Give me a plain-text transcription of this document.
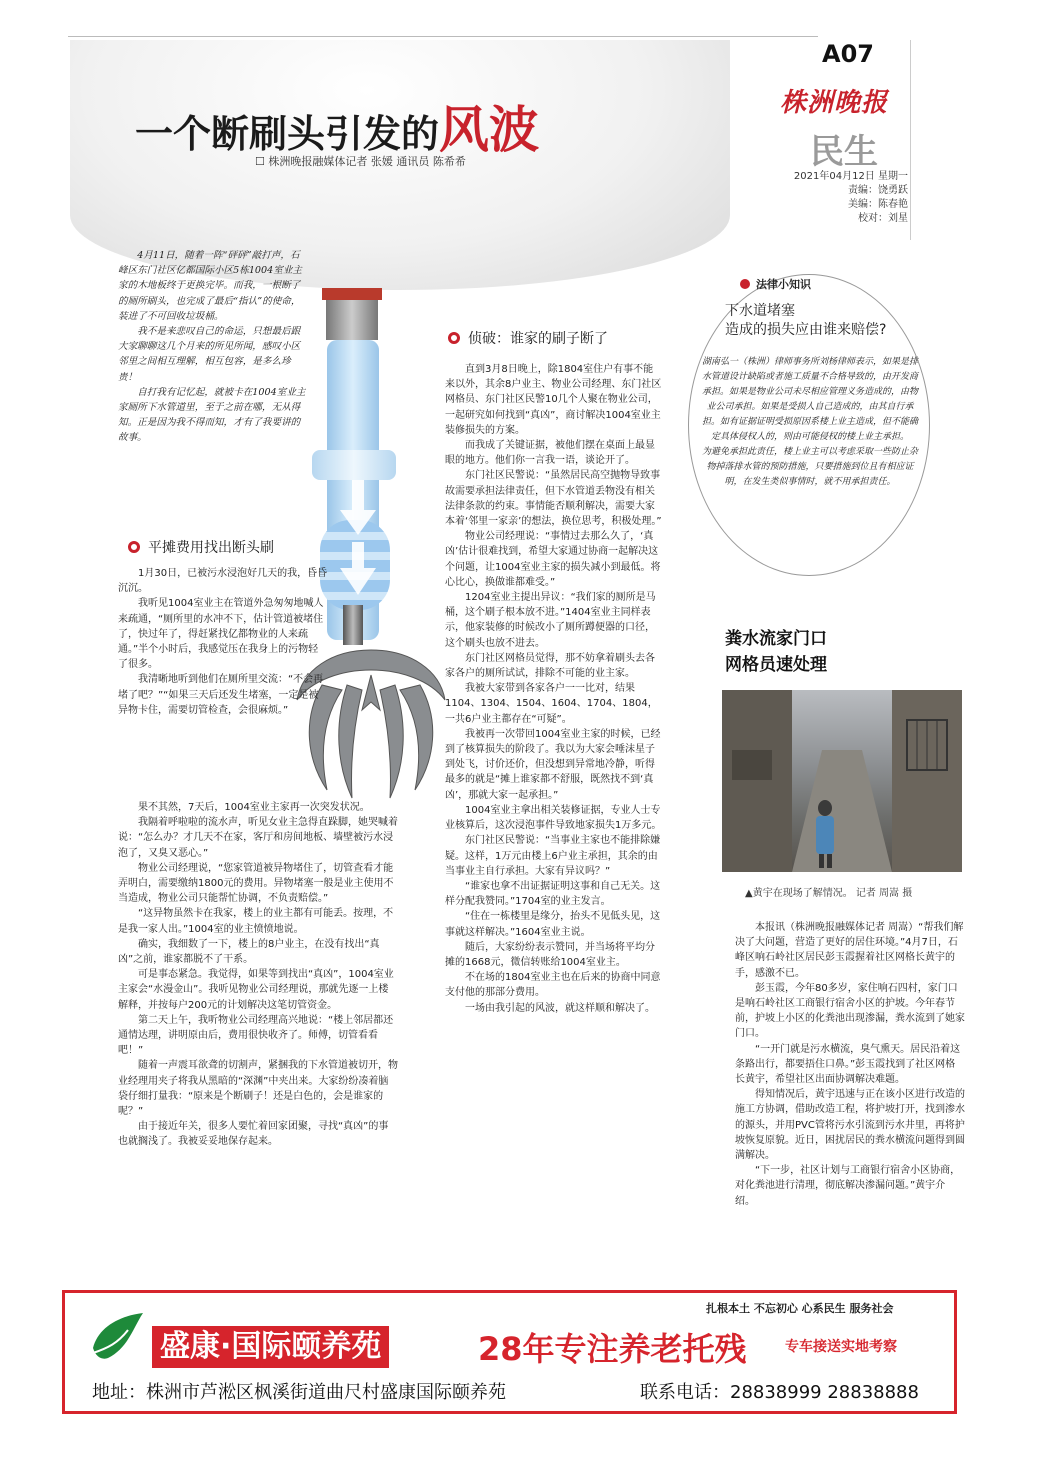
A07
株洲晚报
民生
2021年04月12日 星期一
责编：饶勇跃
美编：陈春艳
校对：刘星
一个断刷头引发的风波
☐ 株洲晚报融媒体记者 张媛 通讯员 陈希希

4月11日，随着一阵“砰砰”敲打声，石峰区东门社区亿都国际小区5栋1004室业主家的木地板终于更换完毕。而我，一根断了的厕所刷头，也完成了最后“指认”的使命，装进了不可回收垃圾桶。

我不是来悲叹自己的命运，只想最后跟大家聊聊这几个月来的所见所闻，感叹小区邻里之间相互理解，相互包容，是多么珍贵！

自打我有记忆起，就被卡在1004室业主家厕所下水管道里，至于之前在哪，无从得知。正是因为我不得而知，才有了我要讲的故事。

平摊费用找出断头刷

1月30日，已被污水浸泡好几天的我，昏昏沉沉。

我听见1004室业主在管道外急匆匆地喊人来疏通，“厕所里的水冲不下，估计管道被堵住了，快过年了，得赶紧找亿都物业的人来疏通。”半个小时后，我感觉压在我身上的污物轻了很多。

我清晰地听到他们在厕所里交流：“不会再堵了吧？”“如果三天后还发生堵塞，一定是被异物卡住，需要切管检查，会很麻烦。”

果不其然，7天后，1004室业主家再一次突发状况。

我隔着呼啦啦的流水声，听见女业主急得直跺脚，她哭喊着说：“怎么办？才几天不在家，客厅和房间地板、墙壁被污水浸泡了，又臭又恶心。”

物业公司经理说，“您家管道被异物堵住了，切管查看才能弄明白，需要缴纳1800元的费用。异物堵塞一般是业主使用不当造成，物业公司只能帮忙协调，不负责赔偿。”

“这异物虽然卡在我家，楼上的业主都有可能丢。按理，不是我一家人出。”1004室的业主愤愤地说。

确实，我细数了一下，楼上的8户业主，在没有找出“真凶”之前，谁家都脱不了干系。

可是事态紧急。我觉得，如果等到找出“真凶”，1004室业主家会“水漫金山”。我听见物业公司经理说，那就先逐一上楼解释，并按每户200元的计划解决这笔切管资金。

第二天上午，我听物业公司经理高兴地说：“楼上邻居都还通情达理，讲明原由后，费用很快收齐了。师傅，切管看看吧！”

随着一声震耳欲聋的切割声，紧捆我的下水管道被切开，物业经理用夹子将我从黑暗的“深渊”中夹出来。大家纷纷凑着脑袋仔细打量我：“原来是个断刷子！还是白色的，会是谁家的呢？”

由于接近年关，很多人要忙着回家团聚，寻找“真凶”的事也就搁浅了。我被妥妥地保存起来。

侦破：谁家的刷子断了

直到3月8日晚上，除1804室住户有事不能来以外，其余8户业主、物业公司经理、东门社区网格员、东门社区民警10几个人聚在物业公司，一起研究如何找到“真凶”，商讨解决1004室业主装修损失的方案。

而我成了关键证据，被他们摆在桌面上最显眼的地方。他们你一言我一语，谈论开了。

东门社区民警说：“虽然居民高空抛物导致事故需要承担法律责任，但下水管道丢物没有相关法律条款的约束。事情能否顺利解决，需要大家本着‘邻里一家亲’的想法，换位思考，积极处理。”

物业公司经理说：“事情过去那么久了，‘真凶’估计很难找到，希望大家通过协商一起解决这个问题，让1004室业主家的损失减小到最低。将心比心，换做谁都难受。”

1204室业主提出异议：“我们家的厕所是马桶，这个刷子根本放不进。”1404室业主同样表示，他家装修的时候改小了厕所蹲便器的口径，这个刷头也放不进去。

东门社区网格员觉得，那不妨拿着刷头去各家各户的厕所试试，排除不可能的业主家。

我被大家带到各家各户一一比对，结果1104、1304、1504、1604、1704、1804，一共6户业主都存在“可疑”。

我被再一次带回1004室业主家的时候，已经到了核算损失的阶段了。我以为大家会唾沫星子到处飞，讨价还价，但没想到异常地冷静，听得最多的就是“摊上谁家都不舒服，既然找不到‘真凶’，那就大家一起承担。”

1004室业主拿出相关装修证据，专业人士专业核算后，这次浸泡事件导致地家损失1万多元。

东门社区民警说：“当事业主家也不能排除嫌疑。这样，1万元由楼上6户业主承担，其余的由当事业主自行承担。大家有异议吗？”

“谁家也拿不出证据证明这事和自己无关。这样分配我赞同。”1704室的业主发言。

“住在一栋楼里是缘分，抬头不见低头见，这事就这样解决。”1604室业主说。

随后，大家纷纷表示赞同，并当场将平均分摊的1668元，微信转账给1004室业主。

不在场的1804室业主也在后来的协商中同意支付他的那部分费用。

一场由我引起的风波，就这样顺和解决了。

法律小知识
下水道堵塞
造成的损失应由谁来赔偿?

湖南弘一（株洲）律师事务所刘杨律师表示，如果是排水管道设计缺陷或者施工质量不合格导致的，由开发商承担。如果是物业公司未尽相应管理义务造成的，由物业公司承担。如果是受损人自己造成的，由其自行承担。如有证据证明受损原因系楼上业主造成，但不能确定具体侵权人的，则由可能侵权的楼上业主承担。

为避免承担此责任，楼上业主可以考虑采取一些防止杂物掉落排水管的预防措施，只要措施到位且有相应证明，在发生类似事情时，就不用承担责任。

粪水流家门口
网格员速处理
▲黄宇在现场了解情况。 记者 周嵩 摄

本报讯（株洲晚报融媒体记者 周嵩）“帮我们解决了大问题，营造了更好的居住环境。”4月7日，石峰区响石岭社区居民彭玉霞握着社区网格长黄宇的手，感激不已。

彭玉霞，今年80多岁，家住响石四村，家门口是响石岭社区工商银行宿舍小区的护坡。今年春节前，护坡上小区的化粪池出现渗漏，粪水流到了她家门口。

“一开门就是污水横流，臭气熏天。居民沿着这条路出行，都要捂住口鼻。”彭玉霞找到了社区网格长黄宇，希望社区出面协调解决难题。

得知情况后，黄宇迅速与正在该小区进行改造的施工方协调，借助改造工程，将护坡打开，找到渗水的源头，并用PVC管将污水引流到污水井里，再将护坡恢复原貌。近日，困扰居民的粪水横流问题得到圆满解决。

“下一步，社区计划与工商银行宿舍小区协商，对化粪池进行清理，彻底解决渗漏问题。”黄宇介绍。

扎根本土 不忘初心 心系民生 服务社会
盛康·国际颐养苑	28年专注养老托残	专车接送实地考察
地址：株洲市芦淞区枫溪街道曲尺村盛康国际颐养苑	联系电话：28838999 28838888
